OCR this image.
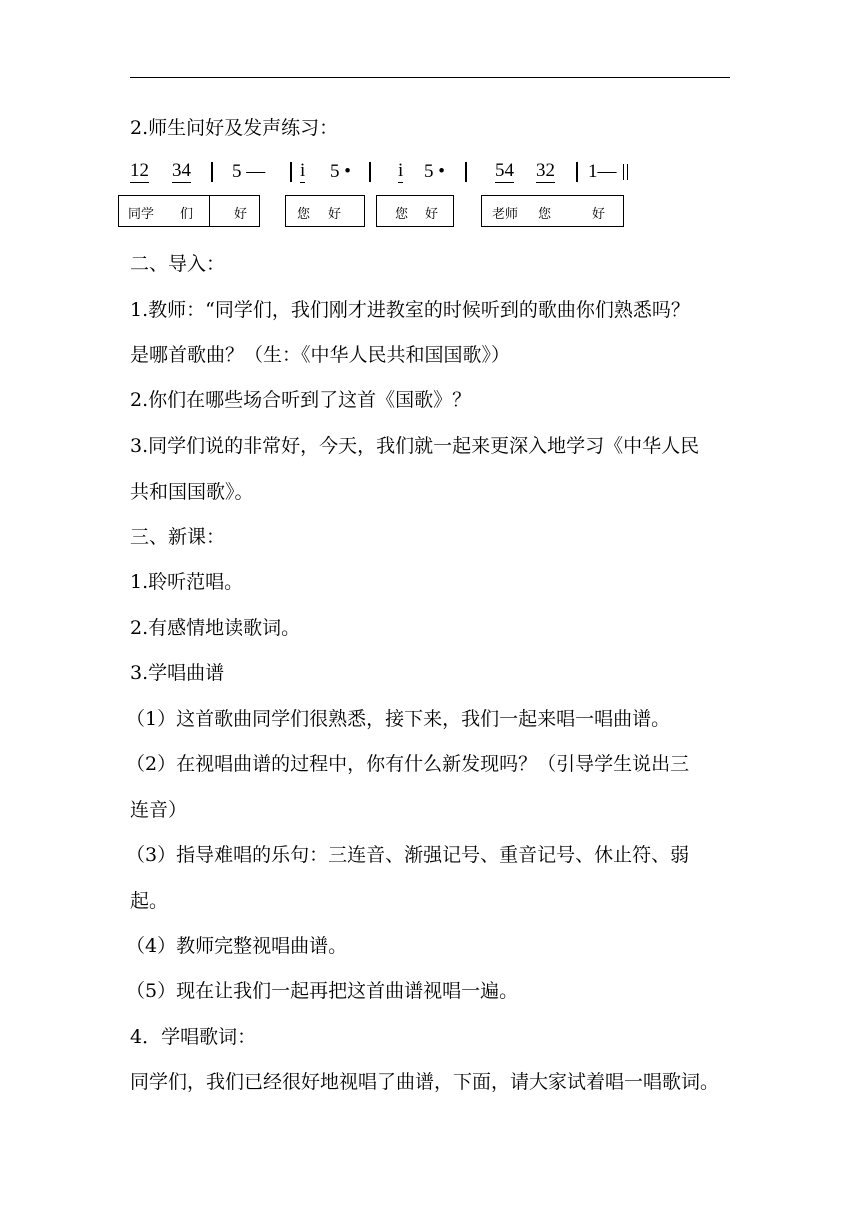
2.师生问好及发声练习：
12 34 5 — i 5 • i 5 •	54 32 1—
同学 们	好	您 好	您 好	老师 您	好
二、导入：
1.教师：“同学们，我们刚才进教室的时候听到的歌曲你们熟悉吗？
是哪首歌曲？（生：《中华人民共和国国歌》）
2.你们在哪些场合听到了这首《国歌》？
3.同学们说的非常好，今天，我们就一起来更深入地学习《中华人民
共和国国歌》。
三、新课：
1.聆听范唱。
2.有感情地读歌词。
3.学唱曲谱
（1）这首歌曲同学们很熟悉，接下来，我们一起来唱一唱曲谱。
（2）在视唱曲谱的过程中，你有什么新发现吗？（引导学生说出三
连音）
（3）指导难唱的乐句：三连音、渐强记号、重音记号、休止符、弱
起。
（4）教师完整视唱曲谱。
（5）现在让我们一起再把这首曲谱视唱一遍。
4．学唱歌词：
同学们，我们已经很好地视唱了曲谱，下面，请大家试着唱一唱歌词。
